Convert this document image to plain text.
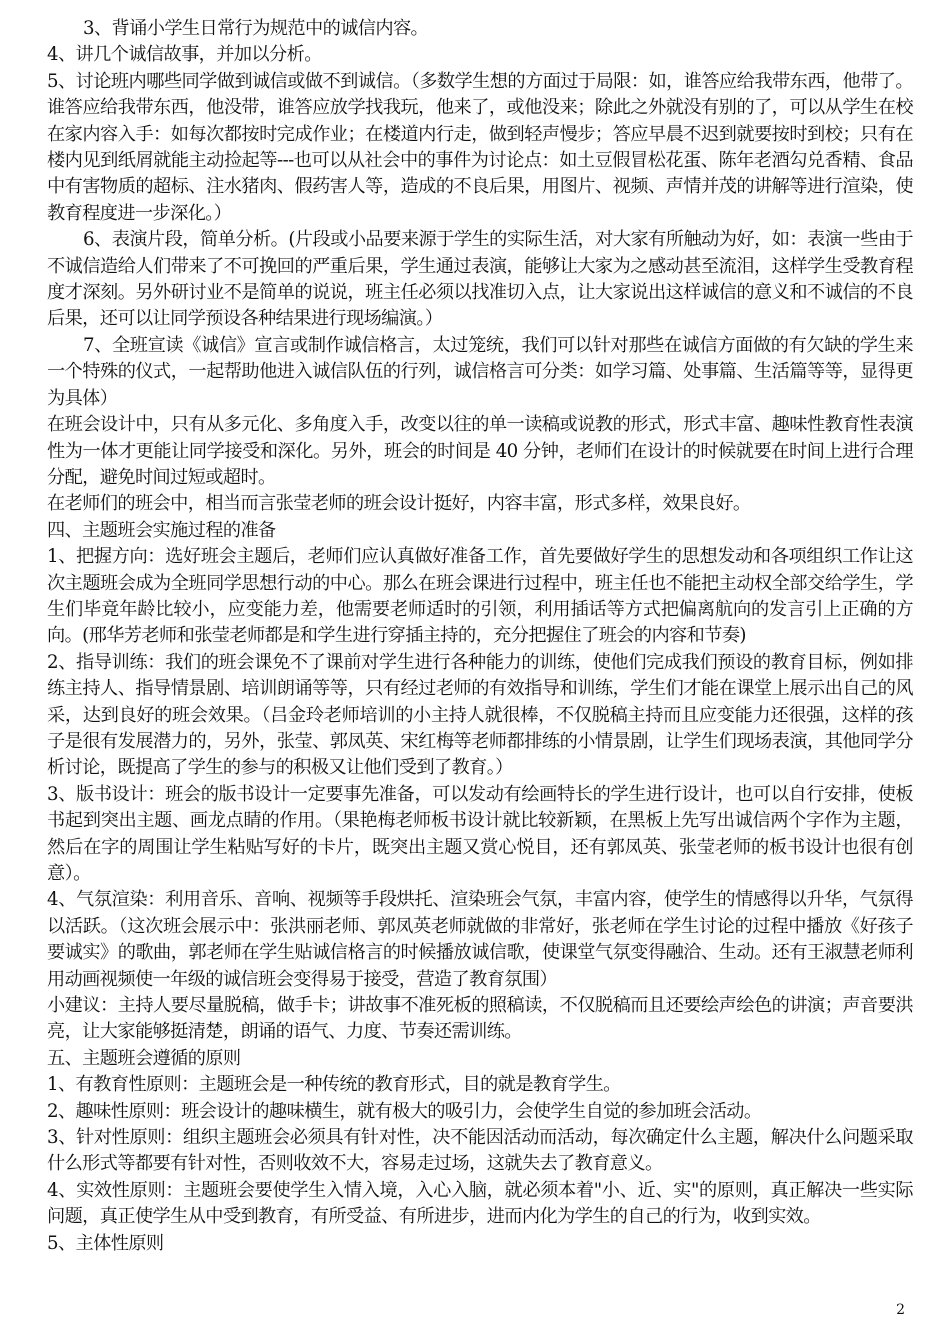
3、背诵小学生日常行为规范中的诚信内容。

4、讲几个诚信故事，并加以分析。

5、讨论班内哪些同学做到诚信或做不到诚信。（多数学生想的方面过于局限：如，谁答应给我带东西，他带了。谁答应给我带东西，他没带，谁答应放学找我玩，他来了，或他没来；除此之外就没有别的了，可以从学生在校在家内容入手：如每次都按时完成作业；在楼道内行走，做到轻声慢步；答应早晨不迟到就要按时到校；只有在楼内见到纸屑就能主动捡起等---也可以从社会中的事件为讨论点：如土豆假冒松花蛋、陈年老酒勾兑香精、食品中有害物质的超标、注水猪肉、假药害人等，造成的不良后果，用图片、视频、声情并茂的讲解等进行渲染，使教育程度进一步深化。）

6、表演片段，简单分析。(片段或小品要来源于学生的实际生活，对大家有所触动为好，如：表演一些由于不诚信造给人们带来了不可挽回的严重后果，学生通过表演，能够让大家为之感动甚至流泪，这样学生受教育程度才深刻。另外研讨业不是简单的说说，班主任必须以找准切入点，让大家说出这样诚信的意义和不诚信的不良后果，还可以让同学预设各种结果进行现场编演。）

7、全班宣读《诚信》宣言或制作诚信格言，太过笼统，我们可以针对那些在诚信方面做的有欠缺的学生来一个特殊的仪式，一起帮助他进入诚信队伍的行列，诚信格言可分类：如学习篇、处事篇、生活篇等等，显得更为具体）

在班会设计中，只有从多元化、多角度入手，改变以往的单一读稿或说教的形式，形式丰富、趣味性教育性表演性为一体才更能让同学接受和深化。另外，班会的时间是 40 分钟，老师们在设计的时候就要在时间上进行合理分配，避免时间过短或超时。

在老师们的班会中，相当而言张莹老师的班会设计挺好，内容丰富，形式多样，效果良好。

四、主题班会实施过程的准备

1、把握方向：选好班会主题后，老师们应认真做好准备工作，首先要做好学生的思想发动和各项组织工作让这次主题班会成为全班同学思想行动的中心。那么在班会课进行过程中，班主任也不能把主动权全部交给学生，学生们毕竟年龄比较小，应变能力差，他需要老师适时的引领，利用插话等方式把偏离航向的发言引上正确的方向。(邢华芳老师和张莹老师都是和学生进行穿插主持的，充分把握住了班会的内容和节奏)

2、指导训练：我们的班会课免不了课前对学生进行各种能力的训练，使他们完成我们预设的教育目标，例如排练主持人、指导情景剧、培训朗诵等等，只有经过老师的有效指导和训练，学生们才能在课堂上展示出自己的风采，达到良好的班会效果。（吕金玲老师培训的小主持人就很棒，不仅脱稿主持而且应变能力还很强，这样的孩子是很有发展潜力的，另外，张莹、郭凤英、宋红梅等老师都排练的小情景剧，让学生们现场表演，其他同学分析讨论，既提高了学生的参与的积极又让他们受到了教育。）

3、版书设计：班会的版书设计一定要事先准备，可以发动有绘画特长的学生进行设计，也可以自行安排，使板书起到突出主题、画龙点睛的作用。（果艳梅老师板书设计就比较新颖，在黑板上先写出诚信两个字作为主题，然后在字的周围让学生粘贴写好的卡片，既突出主题又赏心悦目，还有郭凤英、张莹老师的板书设计也很有创意）。

4、气氛渲染：利用音乐、音响、视频等手段烘托、渲染班会气氛，丰富内容，使学生的情感得以升华，气氛得以活跃。（这次班会展示中：张洪丽老师、郭凤英老师就做的非常好，张老师在学生讨论的过程中播放《好孩子要诚实》的歌曲，郭老师在学生贴诚信格言的时候播放诚信歌，使课堂气氛变得融洽、生动。还有王淑慧老师利用动画视频使一年级的诚信班会变得易于接受，营造了教育氛围）

小建议：主持人要尽量脱稿，做手卡；讲故事不准死板的照稿读，不仅脱稿而且还要绘声绘色的讲演；声音要洪亮，让大家能够挺清楚，朗诵的语气、力度、节奏还需训练。

五、主题班会遵循的原则

1、有教育性原则：主题班会是一种传统的教育形式，目的就是教育学生。

2、趣味性原则：班会设计的趣味横生，就有极大的吸引力，会使学生自觉的参加班会活动。

3、针对性原则：组织主题班会必须具有针对性，决不能因活动而活动，每次确定什么主题，解决什么问题采取什么形式等都要有针对性，否则收效不大，容易走过场，这就失去了教育意义。

4、实效性原则：主题班会要使学生入情入境，入心入脑，就必须本着"小、近、实"的原则，真正解决一些实际问题，真正使学生从中受到教育，有所受益、有所进步，进而内化为学生的自己的行为，收到实效。

5、主体性原则

2
